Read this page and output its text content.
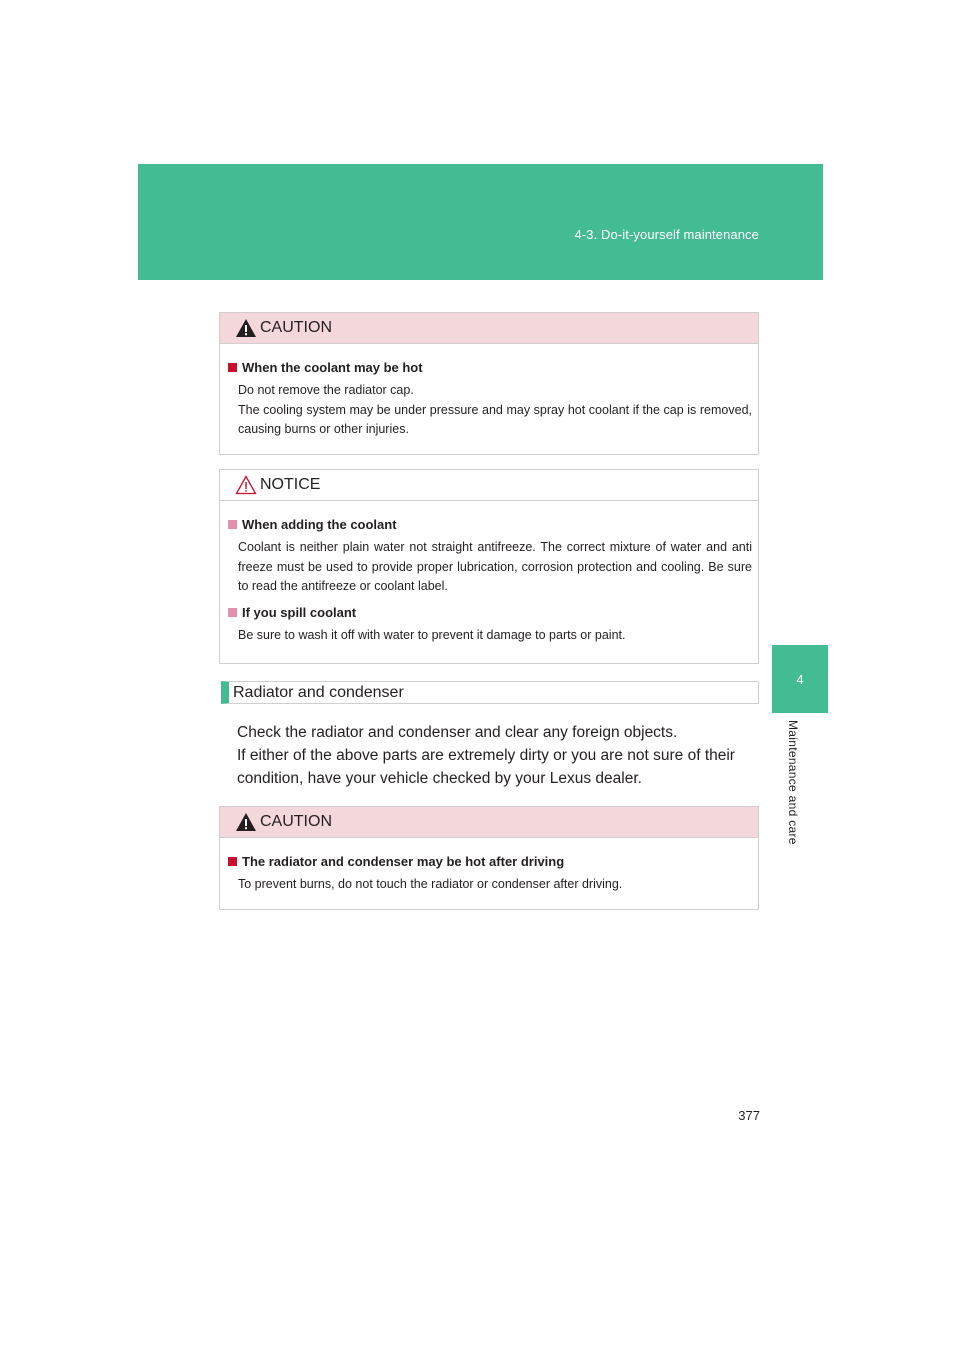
4-3. Do-it-yourself maintenance
4
Maintenance and care
CAUTION
When the coolant may be hot
Do not remove the radiator cap.
The cooling system may be under pressure and may spray hot coolant if the cap is removed, causing burns or other injuries.
NOTICE
When adding the coolant
Coolant is neither plain water not straight antifreeze. The correct mixture of water and anti freeze must be used to provide proper lubrication, corrosion protection and cooling. Be sure to read the antifreeze or coolant label.
If you spill coolant
Be sure to wash it off with water to prevent it damage to parts or paint.
Radiator and condenser
Check the radiator and condenser and clear any foreign objects.
If either of the above parts are extremely dirty or you are not sure of their condition, have your vehicle checked by your Lexus dealer.
CAUTION
The radiator and condenser may be hot after driving
To prevent burns, do not touch the radiator or condenser after driving.
377
